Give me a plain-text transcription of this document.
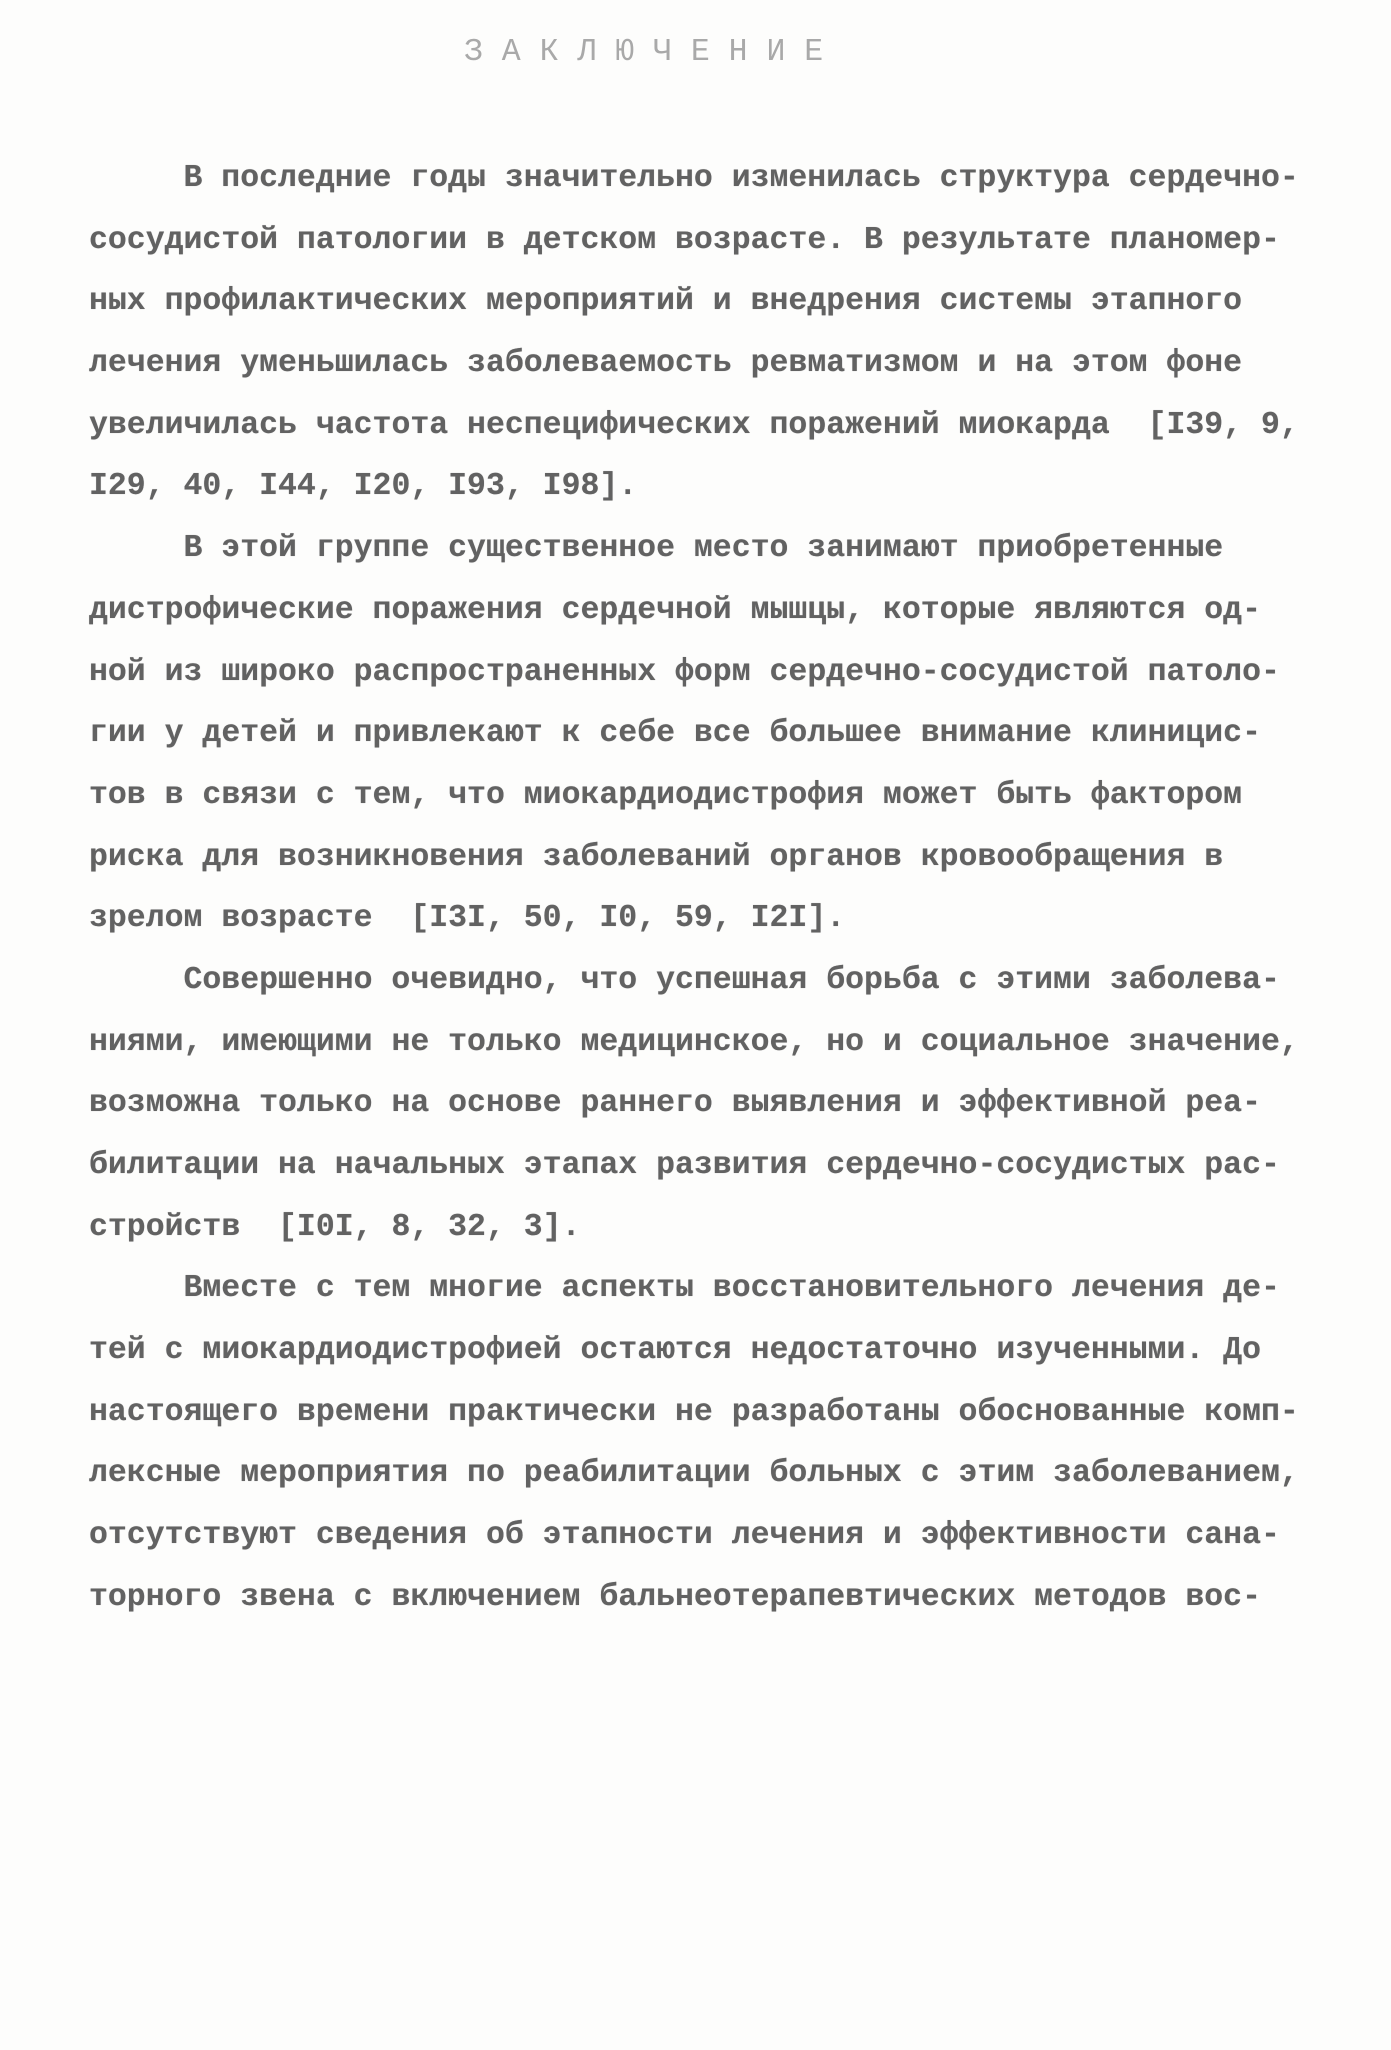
З А К Л Ю Ч Е Н И Е
В последние годы значительно изменилась структура сердечно-
сосудистой патологии в детском возрасте. В результате планомер-
ных профилактических мероприятий и внедрения системы этапного
лечения уменьшилась заболеваемость ревматизмом и на этом фоне
увеличилась частота неспецифических поражений миокарда  [I39, 9,
I29, 40, I44, I20, I93, I98].
В этой группе существенное место занимают приобретенные
дистрофические поражения сердечной мышцы, которые являются од-
ной из широко распространенных форм сердечно-сосудистой патоло-
гии у детей и привлекают к себе все большее внимание клиницис-
тов в связи с тем, что миокардиодистрофия может быть фактором
риска для возникновения заболеваний органов кровообращения в
зрелом возрасте  [I3I, 50, I0, 59, I2I].
Совершенно очевидно, что успешная борьба с этими заболева-
ниями, имеющими не только медицинское, но и социальное значение,
возможна только на основе раннего выявления и эффективной реа-
билитации на начальных этапах развития сердечно-сосудистых рас-
стройств  [I0I, 8, 32, 3].
Вместе с тем многие аспекты восстановительного лечения де-
тей с миокардиодистрофией остаются недостаточно изученными. До
настоящего времени практически не разработаны обоснованные комп-
лексные мероприятия по реабилитации больных с этим заболеванием,
отсутствуют сведения об этапности лечения и эффективности сана-
торного звена с включением бальнеотерапевтических методов вос-
